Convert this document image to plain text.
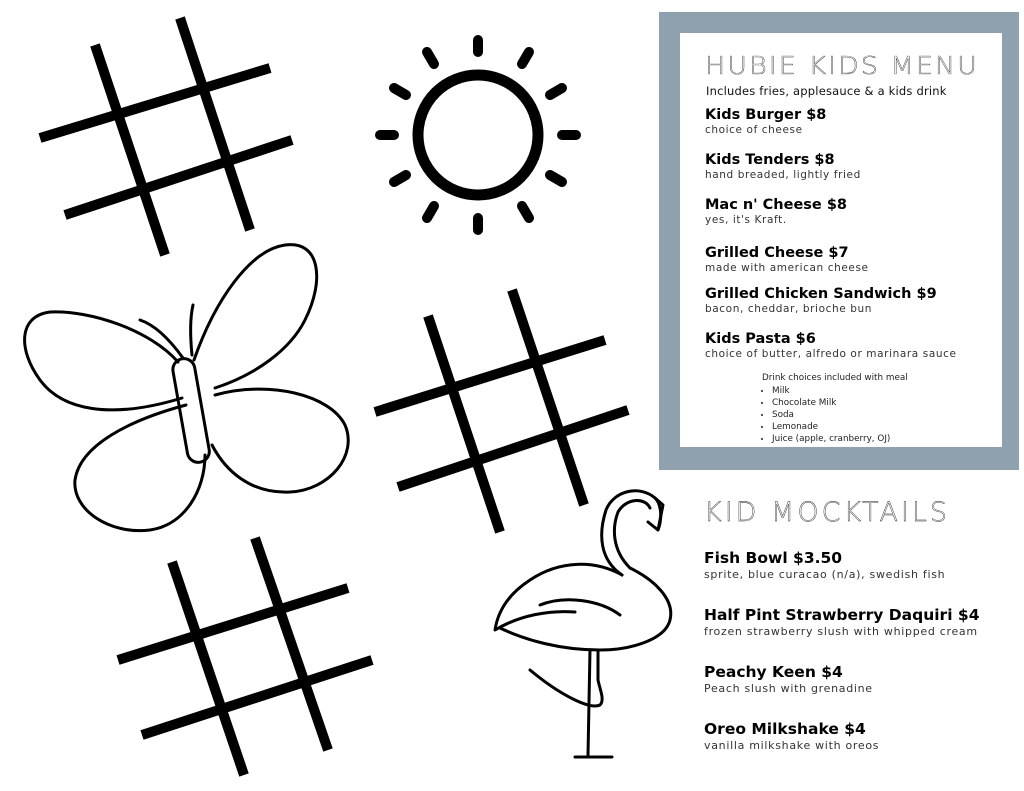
HUBIE KIDS MENU
Includes fries, applesauce & a kids drink
Kids Burger $8
choice of cheese
Kids Tenders $8
hand breaded, lightly fried
Mac n' Cheese $8
yes, it's Kraft.
Grilled Cheese $7
made with american cheese
Grilled Chicken Sandwich $9
bacon, cheddar, brioche bun
Kids Pasta $6
choice of butter, alfredo or marinara sauce
Drink choices included with meal
• Milk
• Chocolate Milk
• Soda
• Lemonade
• Juice (apple, cranberry, OJ)
KID MOCKTAILS
Fish Bowl $3.50
sprite, blue curacao (n/a), swedish fish
Half Pint Strawberry Daquiri $4
frozen strawberry slush with whipped cream
Peachy Keen $4
Peach slush with grenadine
Oreo Milkshake $4
vanilla milkshake with oreos
